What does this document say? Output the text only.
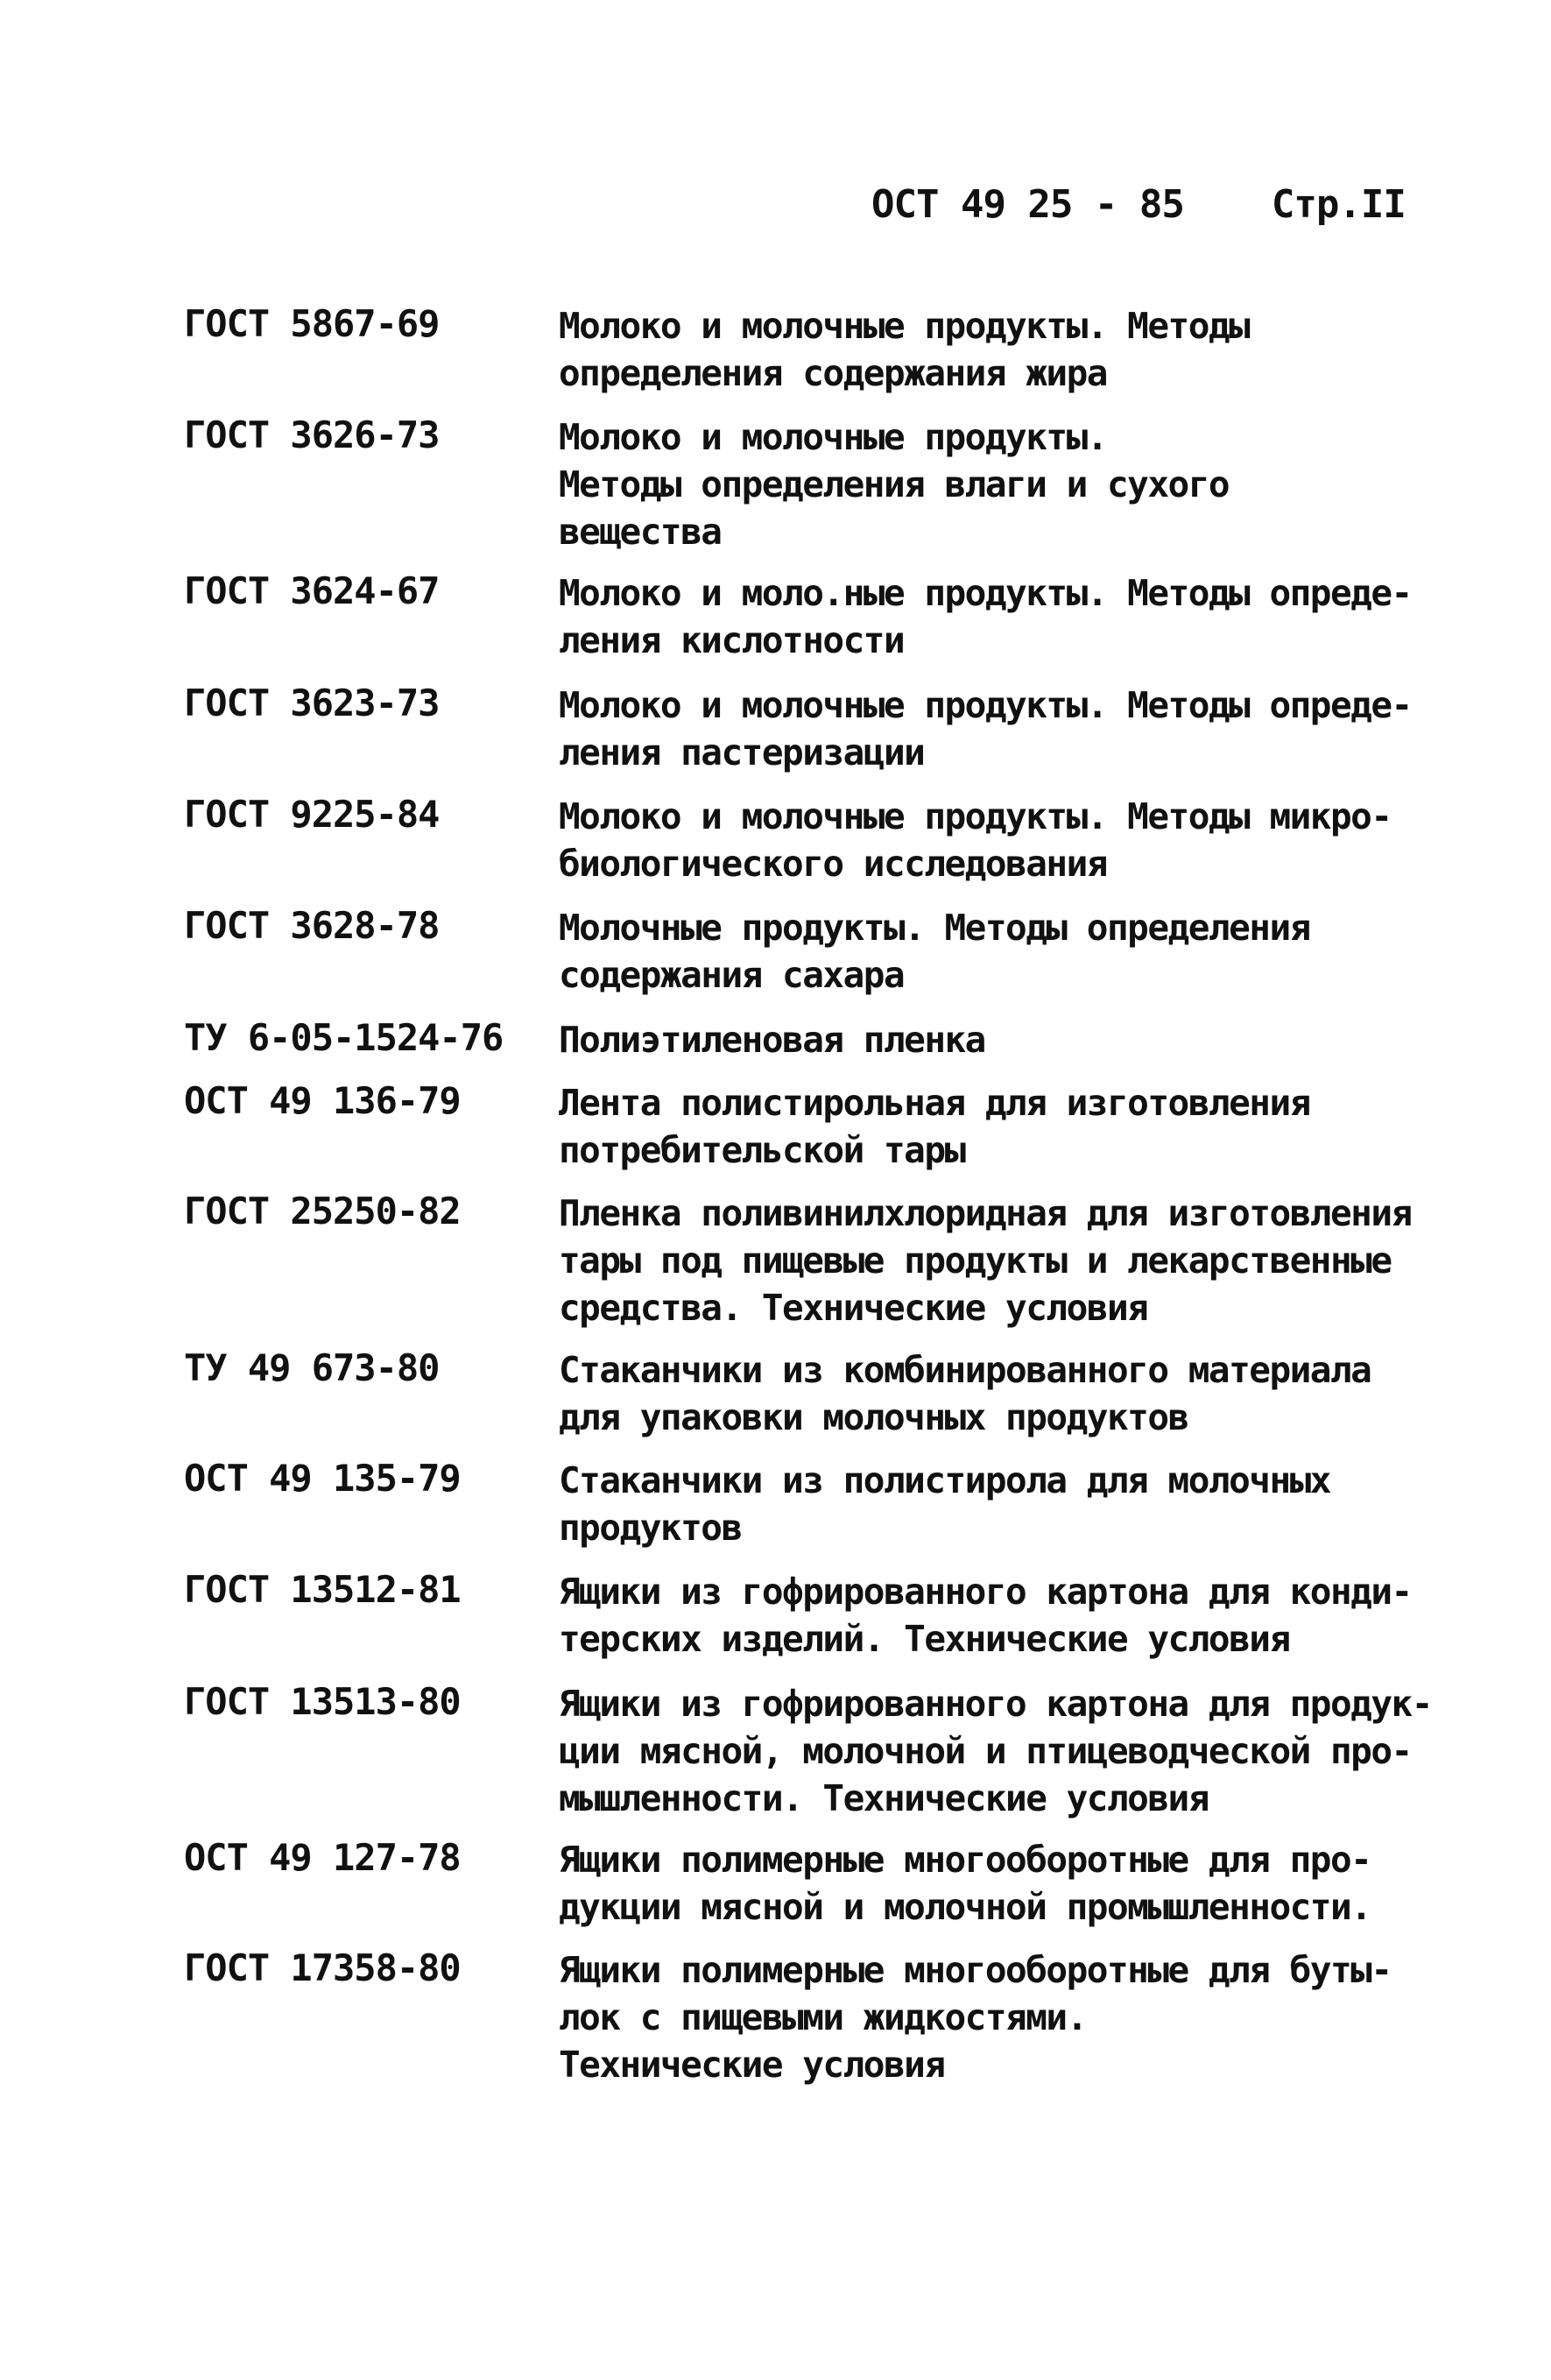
ОСТ 49 25 - 85 Стр.II
ГОСТ 5867-69	Молоко и молочные продукты. Методы
определения содержания жира
ГОСТ 3626-73	Молоко и молочные продукты.
Методы определения влаги и сухого
вещества
ГОСТ 3624-67	Молоко и моло.ные продукты. Методы опреде-
ления кислотности
ГОСТ 3623-73	Молоко и молочные продукты. Методы опреде-
ления пастеризации
ГОСТ 9225-84	Молоко и молочные продукты. Методы микро-
биологического исследования
ГОСТ 3628-78	Молочные продукты. Методы определения
содержания сахара
ТУ 6-05-1524-76 Полиэтиленовая пленка
ОСТ 49 136-79	Лента полистирольная для изготовления
потребительской тары
ГОСТ 25250-82	Пленка поливинилхлоридная для изготовления
тары под пищевые продукты и лекарственные
средства. Технические условия
ТУ 49 673-80	Стаканчики из комбинированного материала
для упаковки молочных продуктов
ОСТ 49 135-79	Стаканчики из полистирола для молочных
продуктов
ГОСТ 13512-81	Ящики из гофрированного картона для конди-
терских изделий. Технические условия
ГОСТ 13513-80	Ящики из гофрированного картона для продук-
ции мясной, молочной и птицеводческой про-
мышленности. Технические условия
ОСТ 49 127-78	Ящики полимерные многооборотные для про-
дукции мясной и молочной промышленности.
ГОСТ 17358-80	Ящики полимерные многооборотные для буты-
лок с пищевыми жидкостями.
Технические условия
